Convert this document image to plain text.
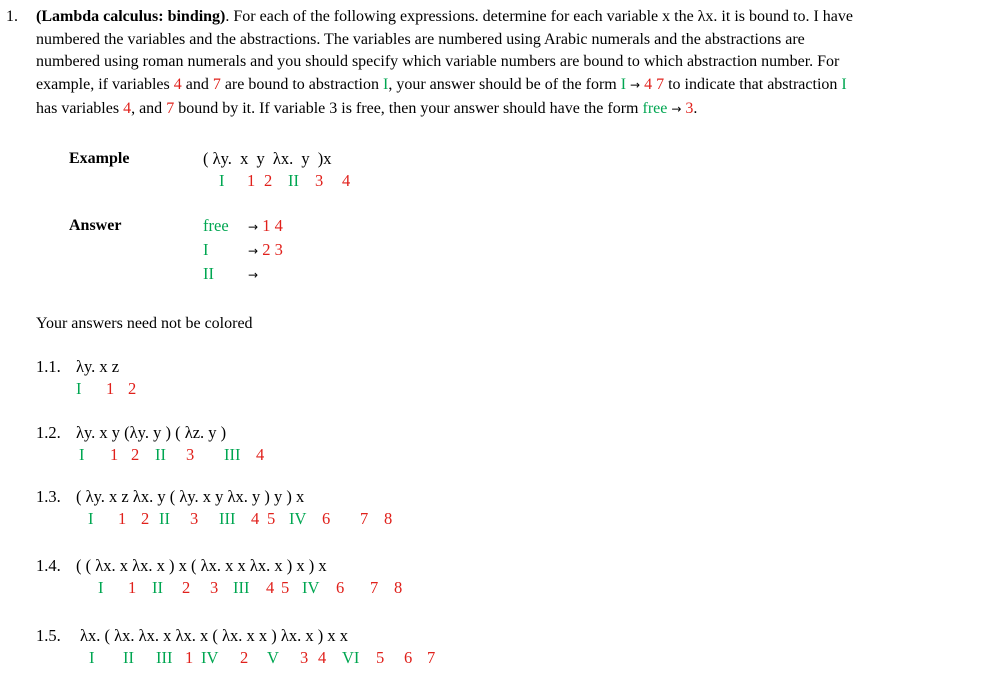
1. (Lambda calculus: binding). For each of the following expressions. determine for each variable x the λx. it is bound to. I have
numbered the variables and the abstractions. The variables are numbered using Arabic numerals and the abstractions are
numbered using roman numerals and you should specify which variable numbers are bound to which abstraction number. For
example, if variables 4 and 7 are bound to abstraction I, your answer should be of the form I → 4 7 to indicate that abstraction I
has variables 4, and 7 bound by it. If variable 3 is free, then your answer should have the form free → 3.
Example	( λy. x y λx. y )x
I 1 2 II 3 4
Answer	free → 1 4
I	→ 2 3
II	→
Your answers need not be colored
1.1. λy. x z
I 1 2
1.2. λy. x y (λy. y ) ( λz. y )
I 1 2 II 3 III 4
1.3. ( λy. x z λx. y ( λy. x y λx. y ) y ) x
I 1 2 II 3 III 4 5 IV 6 7 8
1.4. ( ( λx. x λx. x ) x ( λx. x x λx. x ) x ) x
I 1 II 2 3 III 4 5 IV 6 7 8
1.5. λx. ( λx. λx. x λx. x ( λx. x x ) λx. x ) x x
I II III 1 IV 2 V 3 4 VI 5 6 7
